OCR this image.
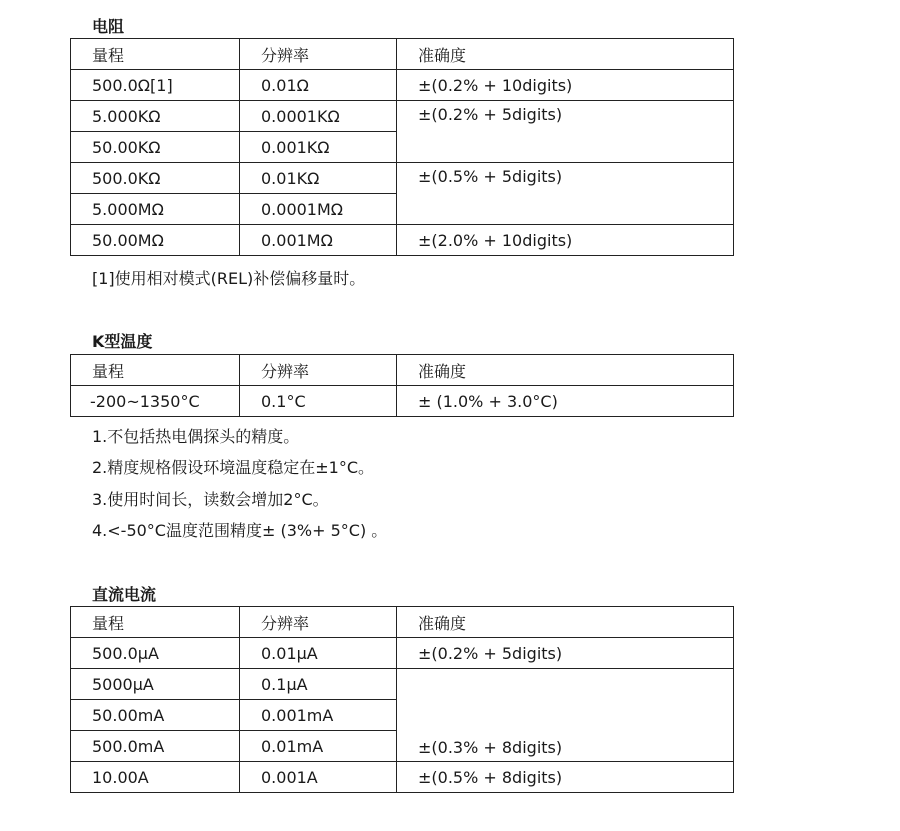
电阻
量程	分辨率	准确度
500.0Ω[1]	0.01Ω	±(0.2% + 10digits)
5.000KΩ	0.0001KΩ	±(0.2% + 5digits)
50.00KΩ	0.001KΩ	
500.0KΩ	0.01KΩ	±(0.5% + 5digits)
5.000MΩ	0.0001MΩ	
50.00MΩ	0.001MΩ	±(2.0% + 10digits)

[1]使用相对模式(REL)补偿偏移量时。

K型温度
量程	分辨率	准确度
-200~1350°C	0.1°C	± (1.0% + 3.0°C)

1.不包括热电偶探头的精度。

2.精度规格假设环境温度稳定在±1°C。

3.使用时间长，读数会增加2°C。

4.<-50°C温度范围精度± (3%+ 5°C) 。

直流电流
量程	分辨率	准确度
500.0μA	0.01μA	±(0.2% + 5digits)
5000μA	0.1μA	±(0.3% + 8digits)
50.00mA	0.001mA	
500.0mA	0.01mA	
10.00A	0.001A	±(0.5% + 8digits)
